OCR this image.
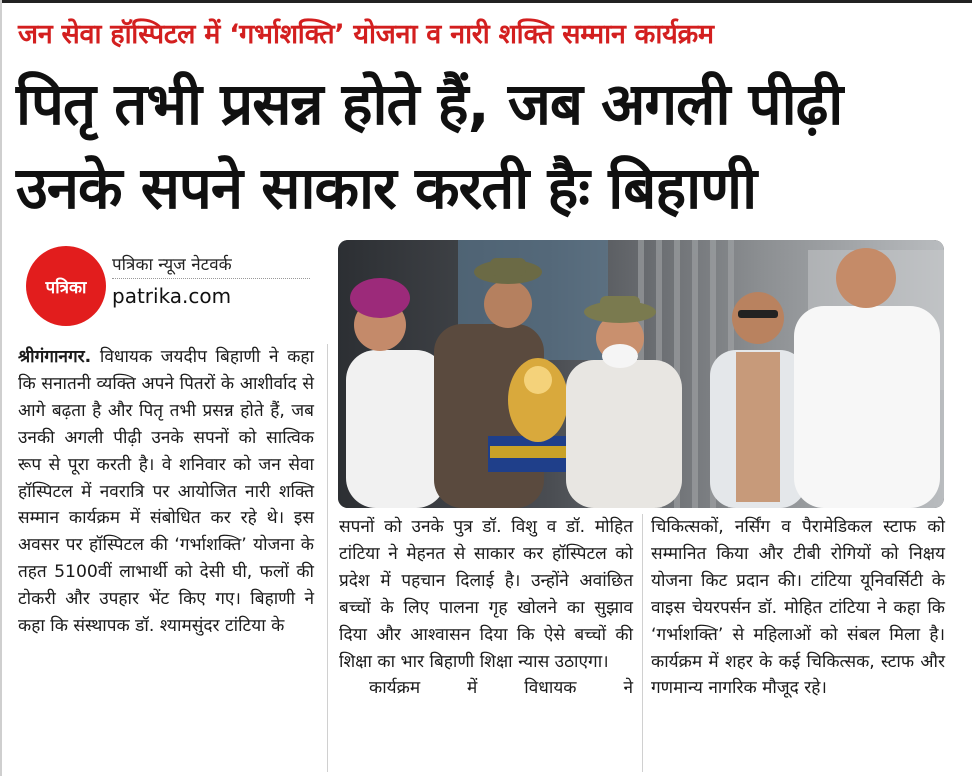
जन सेवा हॉस्पिटल में ‘गर्भाशक्ति’ योजना व नारी शक्ति सम्मान कार्यक्रम
पितृ तभी प्रसन्न होते हैं, जब अगली पीढ़ी
उनके सपने साकार करती हैः बिहाणी
पत्रिका
पत्रिका न्यूज नेटवर्क
patrika.com
श्रीगंगानगर. विधायक जयदीप बिहाणी ने कहा कि सनातनी व्यक्ति अपने पितरों के आशीर्वाद से आगे बढ़ता है और पितृ तभी प्रसन्न होते हैं, जब उनकी अगली पीढ़ी उनके सपनों को सात्विक रूप से पूरा करती है। वे शनिवार को जन सेवा हॉस्पिटल में नवरात्रि पर आयोजित नारी शक्ति सम्मान कार्यक्रम में संबोधित कर रहे थे। इस अवसर पर हॉस्पिटल की ‘गर्भाशक्ति’ योजना के तहत 5100वीं लाभार्थी को देसी घी, फलों की टोकरी और उपहार भेंट किए गए। बिहाणी ने कहा कि संस्थापक डॉ. श्यामसुंदर टांटिया के
सपनों को उनके पुत्र डॉ. विशु व डॉ. मोहित टांटिया ने मेहनत से साकार कर हॉस्पिटल को प्रदेश में पहचान दिलाई है। उन्होंने अवांछित बच्चों के लिए पालना गृह खोलने का सुझाव दिया और आश्वासन दिया कि ऐसे बच्चों की शिक्षा का भार बिहाणी शिक्षा न्यास उठाएगा।
कार्यक्रम में विधायक ने
चिकित्सकों, नर्सिंग व पैरामेडिकल स्टाफ को सम्मानित किया और टीबी रोगियों को निक्षय योजना किट प्रदान की। टांटिया यूनिवर्सिटी के वाइस चेयरपर्सन डॉ. मोहित टांटिया ने कहा कि ‘गर्भाशक्ति’ से महिलाओं को संबल मिला है। कार्यक्रम में शहर के कई चिकित्सक, स्टाफ और गणमान्य नागरिक मौजूद रहे।
